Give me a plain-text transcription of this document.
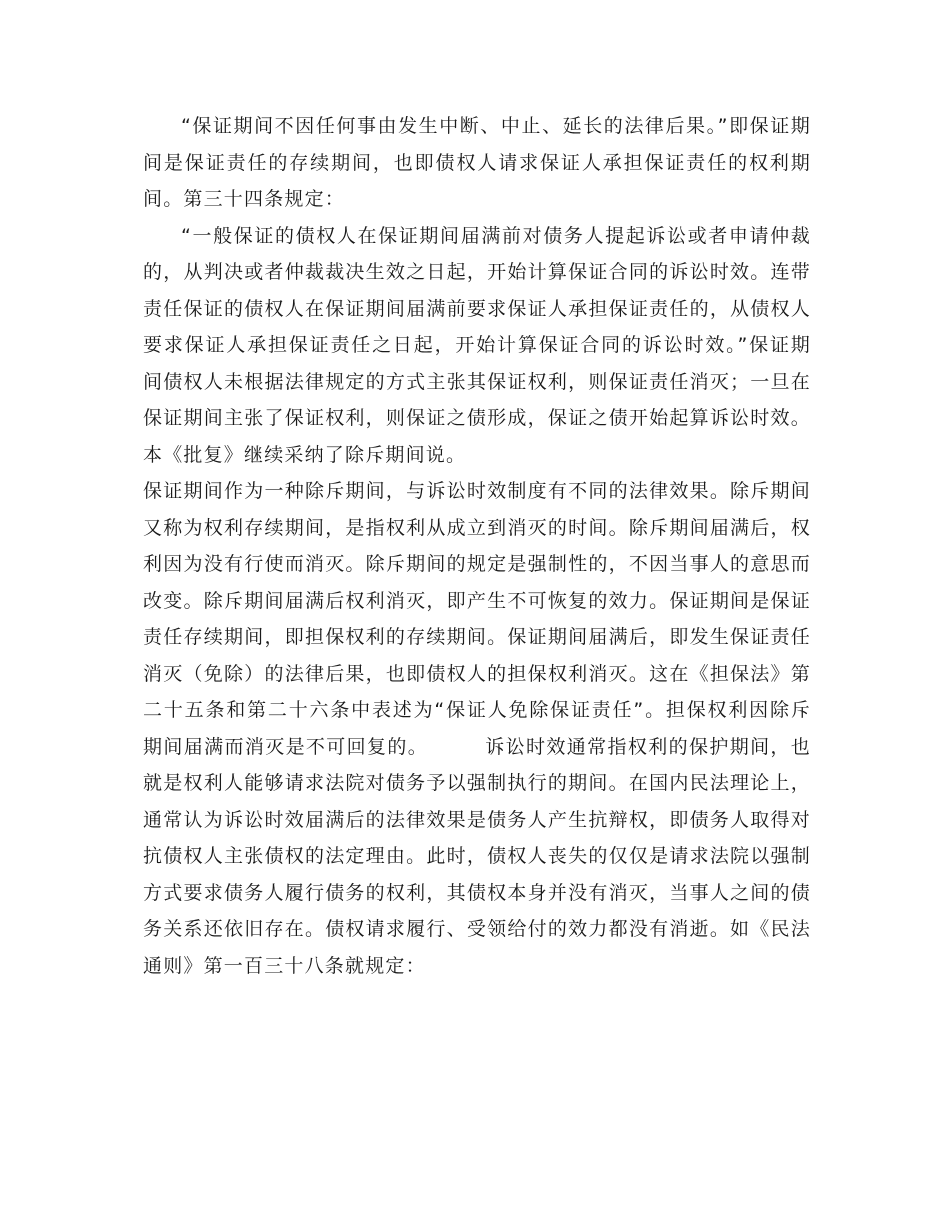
“保证期间不因任何事由发生中断、中止、延长的法律后果。”即保证期间是保证责任的存续期间，也即债权人请求保证人承担保证责任的权利期间。第三十四条规定：

“一般保证的债权人在保证期间届满前对债务人提起诉讼或者申请仲裁的，从判决或者仲裁裁决生效之日起，开始计算保证合同的诉讼时效。连带责任保证的债权人在保证期间届满前要求保证人承担保证责任的，从债权人要求保证人承担保证责任之日起，开始计算保证合同的诉讼时效。”保证期间债权人未根据法律规定的方式主张其保证权利，则保证责任消灭；一旦在保证期间主张了保证权利，则保证之债形成，保证之债开始起算诉讼时效。本《批复》继续采纳了除斥期间说。

保证期间作为一种除斥期间，与诉讼时效制度有不同的法律效果。除斥期间又称为权利存续期间，是指权利从成立到消灭的时间。除斥期间届满后，权利因为没有行使而消灭。除斥期间的规定是强制性的，不因当事人的意思而改变。除斥期间届满后权利消灭，即产生不可恢复的效力。保证期间是保证责任存续期间，即担保权利的存续期间。保证期间届满后，即发生保证责任消灭（免除）的法律后果，也即债权人的担保权利消灭。这在《担保法》第二十五条和第二十六条中表述为“保证人免除保证责任”。担保权利因除斥期间届满而消灭是不可回复的。	诉讼时效通常指权利的保护期间，也就是权利人能够请求法院对债务予以强制执行的期间。在国内民法理论上，通常认为诉讼时效届满后的法律效果是债务人产生抗辩权，即债务人取得对抗债权人主张债权的法定理由。此时，债权人丧失的仅仅是请求法院以强制方式要求债务人履行债务的权利，其债权本身并没有消灭，当事人之间的债务关系还依旧存在。债权请求履行、受领给付的效力都没有消逝。如《民法通则》第一百三十八条就规定：
